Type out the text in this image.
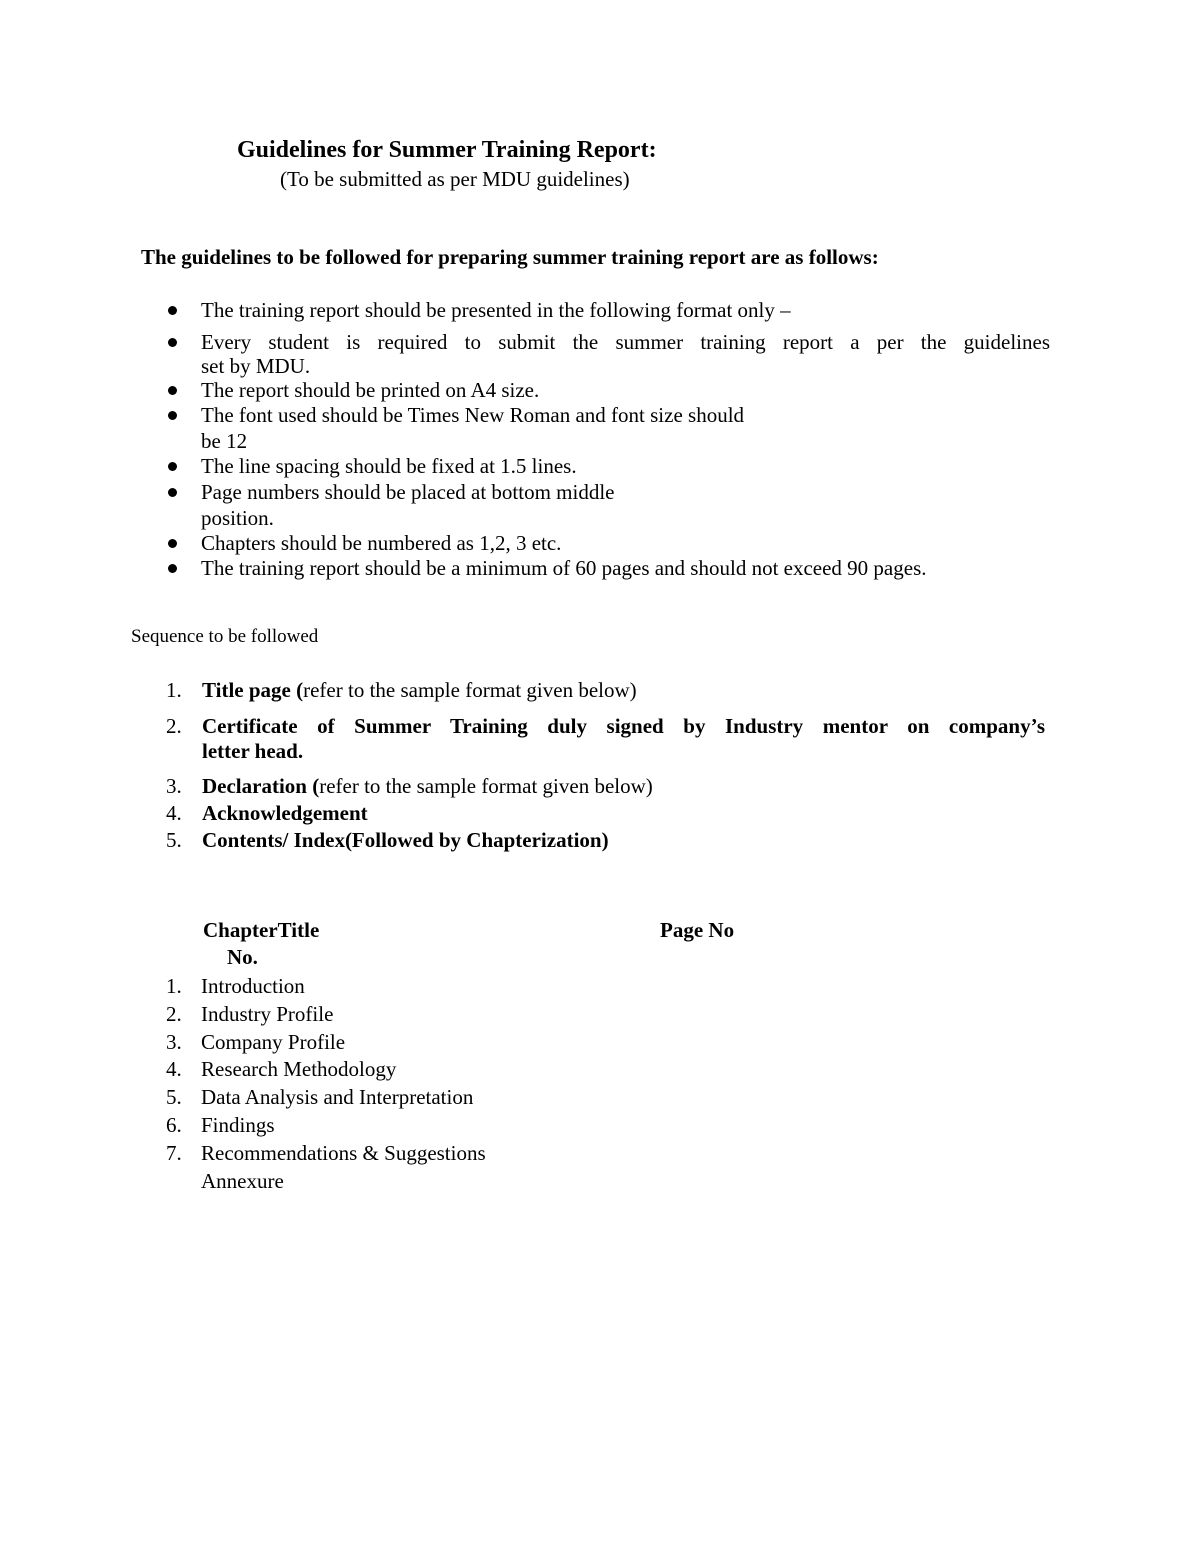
Guidelines for Summer Training Report:
(To be submitted as per MDU guidelines)
The guidelines to be followed for preparing summer training report are as follows:
The training report should be presented in the following format only –
Every student is required to submit the summer training report a per the guidelines
set by MDU.
The report should be printed on A4 size.
The font used should be Times New Roman and font size should
be 12
The line spacing should be fixed at 1.5 lines.
Page numbers should be placed at bottom middle
position.
Chapters should be numbered as 1,2, 3 etc.
The training report should be a minimum of 60 pages and should not exceed 90 pages.
Sequence to be followed
1. Title page (refer to the sample format given below)
2. Certificate of Summer Training duly signed by Industry mentor on company’s
letter head.
3. Declaration (refer to the sample format given below)
4. Acknowledgement
5. Contents/ Index(Followed by Chapterization)
ChapterTitle	Page No
No.
1. Introduction
2. Industry Profile
3. Company Profile
4. Research Methodology
5. Data Analysis and Interpretation
6. Findings
7. Recommendations & Suggestions
Annexure
